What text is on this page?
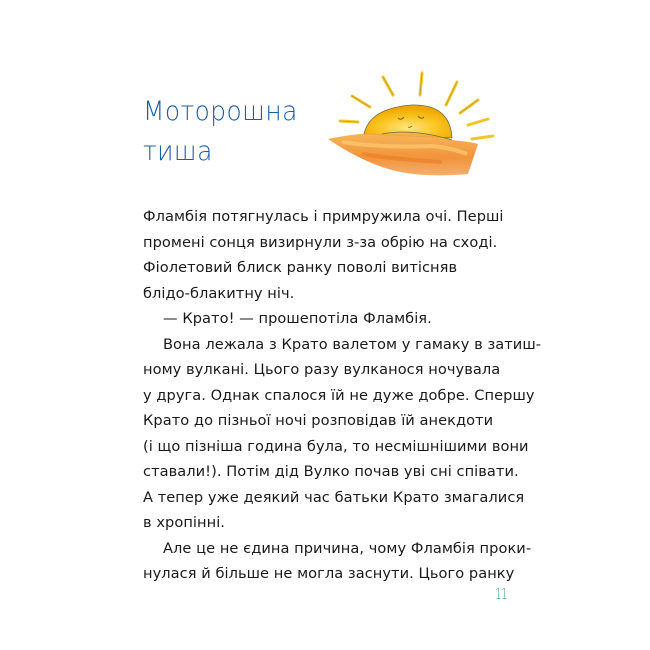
Моторошна
тиша
Фламбія потягнулась і примружила очі. Перші
промені сонця визирнули з-за обрію на сході.
Фіолетовий блиск ранку поволі витісняв
блідо-блакитну ніч.
— Крато! — прошепотіла Фламбія.
Вона лежала з Крато валетом у гамаку в затиш-
ному вулкані. Цього разу вулканося ночувала
у друга. Однак спалося їй не дуже добре. Спершу
Крато до пізньої ночі розповідав їй анекдоти
(і що пізніша година була, то несмішнішими вони
ставали!). Потім дід Вулко почав уві сні співати.
А тепер уже деякий час батьки Крато змагалися
в хропінні.
Але це не єдина причина, чому Фламбія проки-
нулася й більше не могла заснути. Цього ранку
11
